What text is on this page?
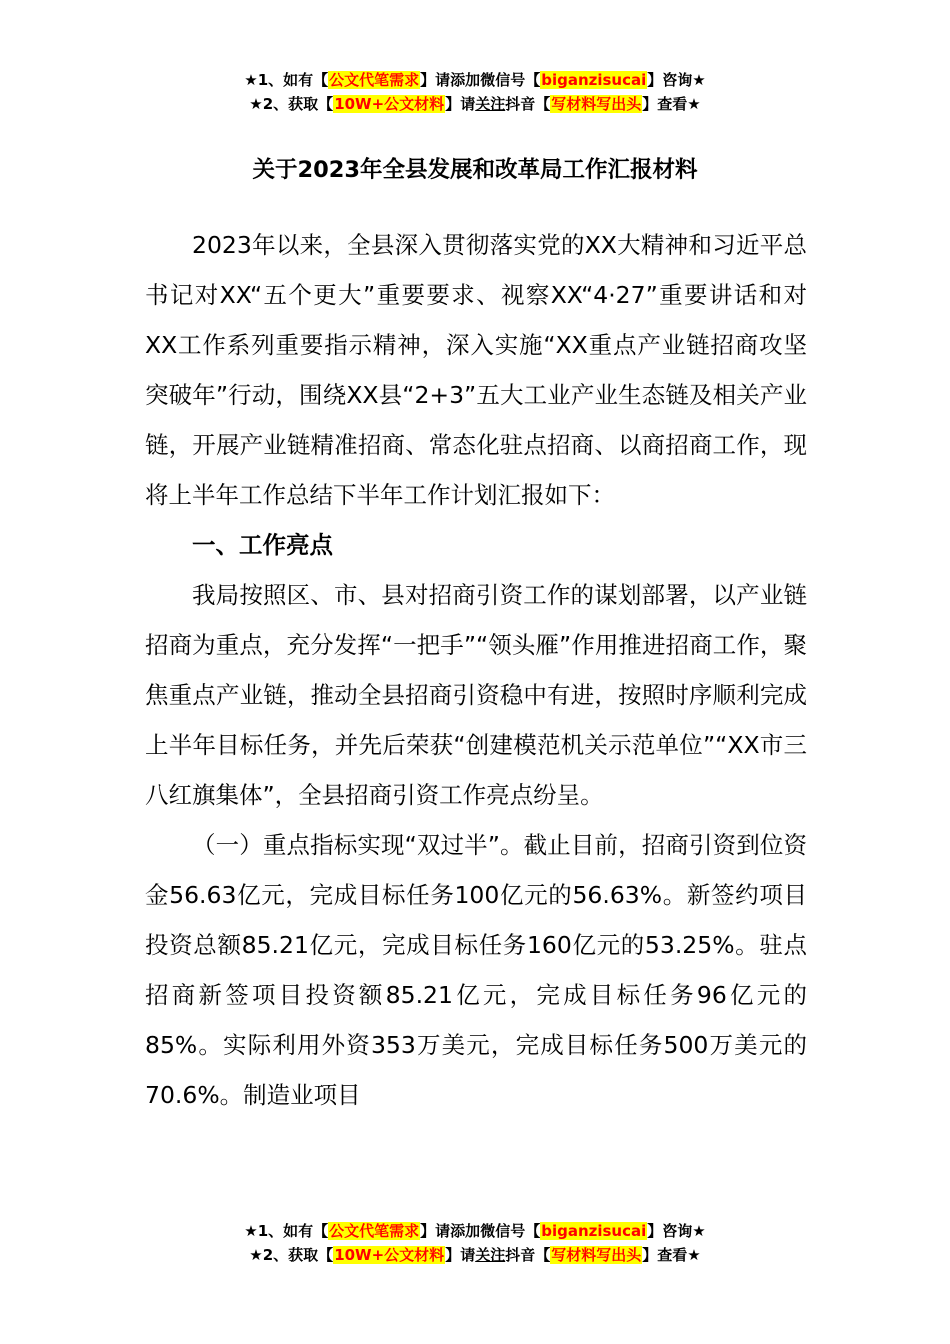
★1、如有【公文代笔需求】请添加微信号【biganzisucai】咨询★
★2、获取【10W+公文材料】请关注抖音【写材料写出头】查看★
关于2023年全县发展和改革局工作汇报材料

2023年以来，全县深入贯彻落实党的XX大精神和习近平总书记对XX“五个更大”重要要求、视察XX“4·27”重要讲话和对XX工作系列重要指示精神，深入实施“XX重点产业链招商攻坚突破年”行动，围绕XX县“2+3”五大工业产业生态链及相关产业链，开展产业链精准招商、常态化驻点招商、以商招商工作，现将上半年工作总结下半年工作计划汇报如下：

一、工作亮点

我局按照区、市、县对招商引资工作的谋划部署，以产业链招商为重点，充分发挥“一把手”“领头雁”作用推进招商工作，聚焦重点产业链，推动全县招商引资稳中有进，按照时序顺利完成上半年目标任务，并先后荣获“创建模范机关示范单位”“XX市三八红旗集体”，全县招商引资工作亮点纷呈。

（一）重点指标实现“双过半”。截止目前，招商引资到位资金56.63亿元，完成目标任务100亿元的56.63%。新签约项目投资总额85.21亿元，完成目标任务160亿元的53.25%。驻点招商新签项目投资额85.21亿元，完成目标任务96亿元的85%。实际利用外资353万美元，完成目标任务500万美元的70.6%。制造业项目

★1、如有【公文代笔需求】请添加微信号【biganzisucai】咨询★
★2、获取【10W+公文材料】请关注抖音【写材料写出头】查看★
